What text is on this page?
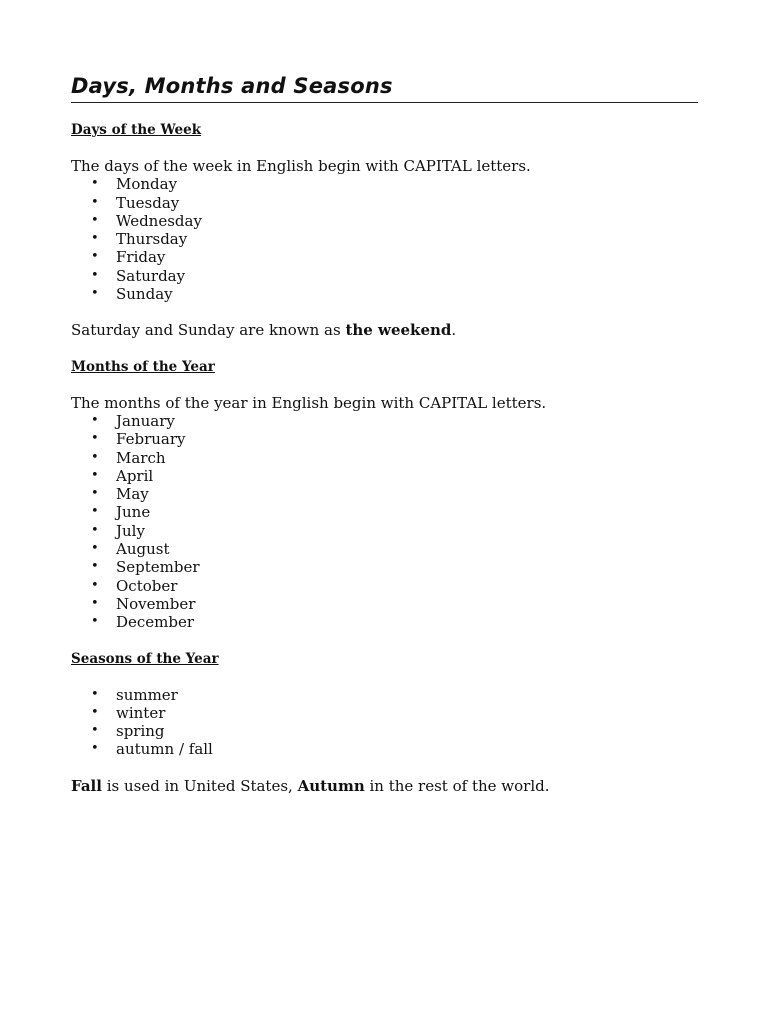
Days, Months and Seasons
Days of the Week

The days of the week in English begin with CAPITAL letters.

• Monday
• Tuesday
• Wednesday
• Thursday
• Friday
• Saturday
• Sunday

Saturday and Sunday are known as the weekend.

Months of the Year

The months of the year in English begin with CAPITAL letters.

• January
• February
• March
• April
• May
• June
• July
• August
• September
• October
• November
• December
Seasons of the Year
• summer
• winter
• spring
• autumn / fall

Fall is used in United States, Autumn in the rest of the world.
